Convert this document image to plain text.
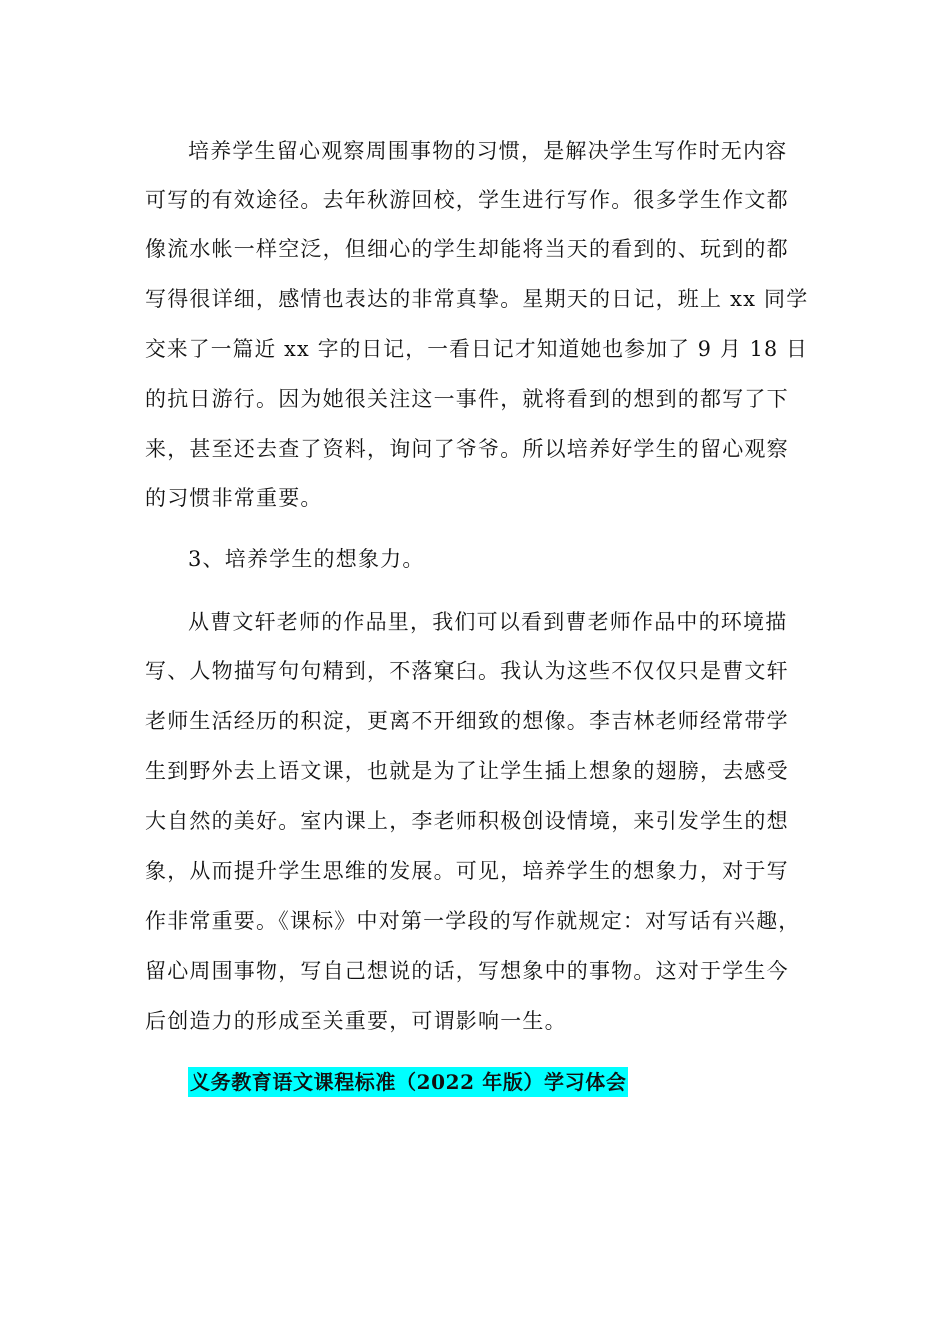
培养学生留心观察周围事物的习惯，是解决学生写作时无内容
可写的有效途径。去年秋游回校，学生进行写作。很多学生作文都
像流水帐一样空泛，但细心的学生却能将当天的看到的、玩到的都
写得很详细，感情也表达的非常真挚。星期天的日记，班上 xx 同学
交来了一篇近 xx 字的日记，一看日记才知道她也参加了 9 月 18 日
的抗日游行。因为她很关注这一事件，就将看到的想到的都写了下
来，甚至还去查了资料，询问了爷爷。所以培养好学生的留心观察
的习惯非常重要。
3、培养学生的想象力。
从曹文轩老师的作品里，我们可以看到曹老师作品中的环境描
写、人物描写句句精到，不落窠臼。我认为这些不仅仅只是曹文轩
老师生活经历的积淀，更离不开细致的想像。李吉林老师经常带学
生到野外去上语文课，也就是为了让学生插上想象的翅膀，去感受
大自然的美好。室内课上，李老师积极创设情境，来引发学生的想
象，从而提升学生思维的发展。可见，培养学生的想象力，对于写
作非常重要。《课标》中对第一学段的写作就规定：对写话有兴趣，
留心周围事物，写自己想说的话，写想象中的事物。这对于学生今
后创造力的形成至关重要，可谓影响一生。
义务教育语文课程标准（2022 年版）学习体会
